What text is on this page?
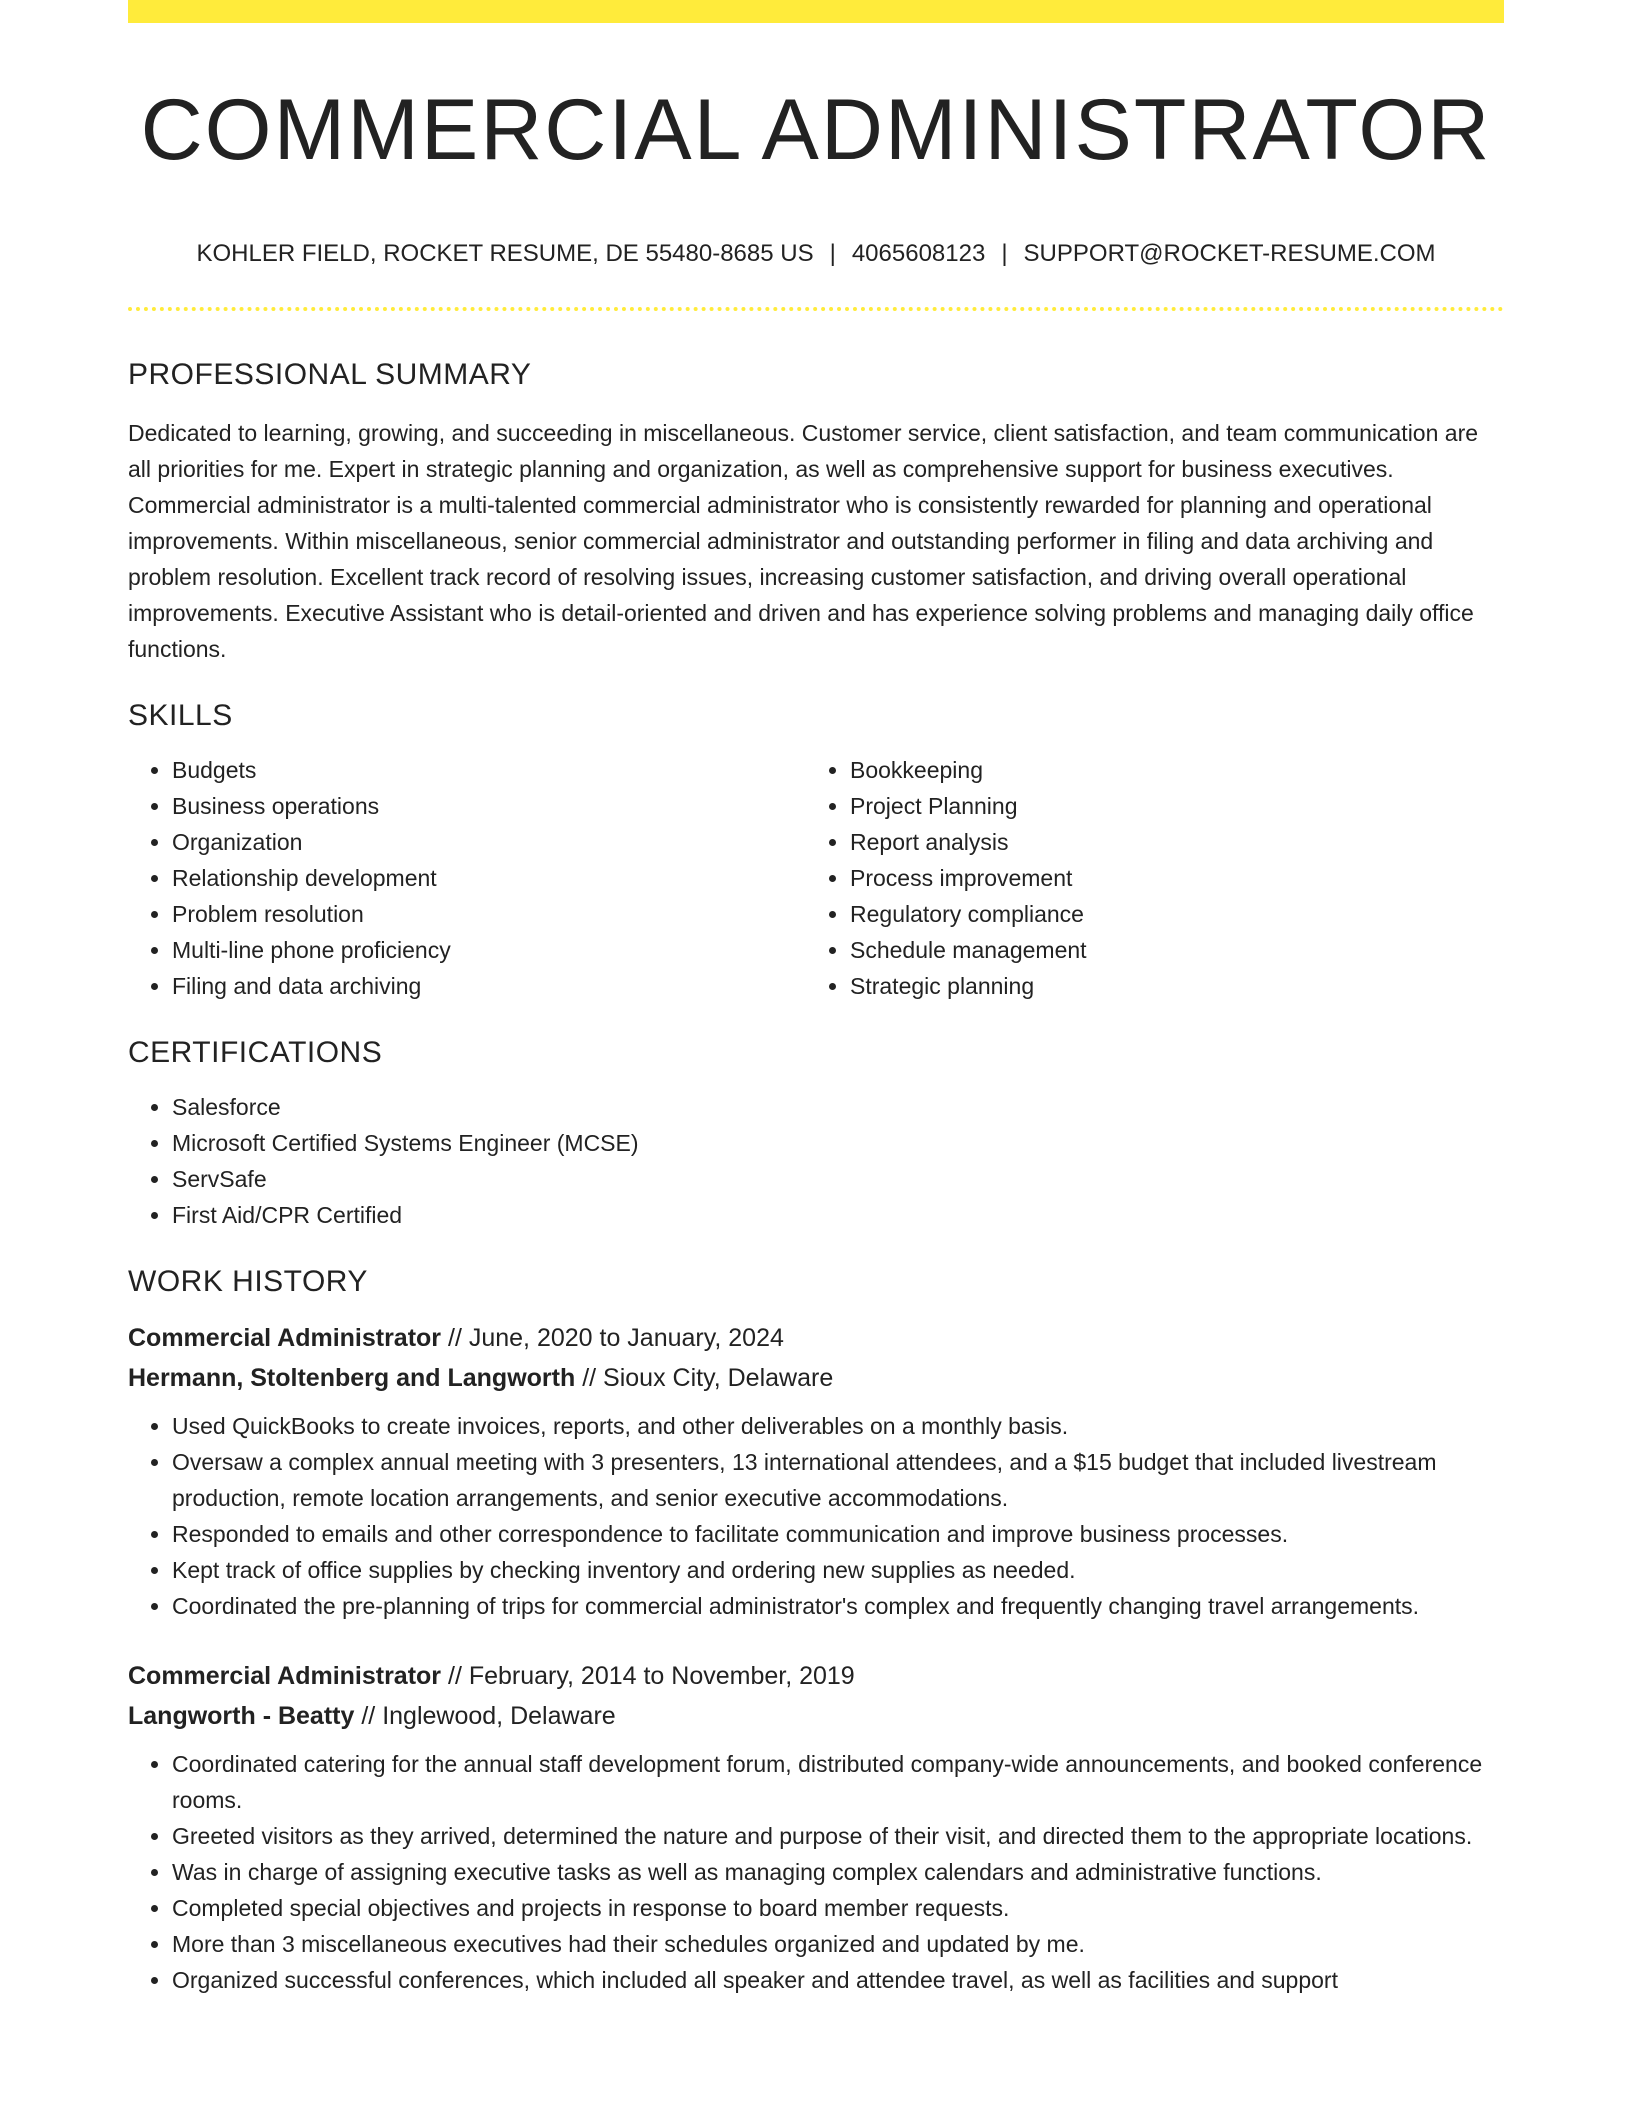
COMMERCIAL ADMINISTRATOR
KOHLER FIELD, ROCKET RESUME, DE 55480-8685 US | 4065608123 | SUPPORT@ROCKET-RESUME.COM
PROFESSIONAL SUMMARY

Dedicated to learning, growing, and succeeding in miscellaneous. Customer service, client satisfaction, and team communication are all priorities for me. Expert in strategic planning and organization, as well as comprehensive support for business executives. Commercial administrator is a multi-talented commercial administrator who is consistently rewarded for planning and operational improvements. Within miscellaneous, senior commercial administrator and outstanding performer in filing and data archiving and problem resolution. Excellent track record of resolving issues, increasing customer satisfaction, and driving overall operational improvements. Executive Assistant who is detail-oriented and driven and has experience solving problems and managing daily office functions.

SKILLS
• Budgets
• Business operations
• Organization
• Relationship development
• Problem resolution
• Multi-line phone proficiency
• Filing and data archiving
• Bookkeeping
• Project Planning
• Report analysis
• Process improvement
• Regulatory compliance
• Schedule management
• Strategic planning
CERTIFICATIONS
• Salesforce
• Microsoft Certified Systems Engineer (MCSE)
• ServSafe
• First Aid/CPR Certified
WORK HISTORY
Commercial Administrator // June, 2020 to January, 2024
Hermann, Stoltenberg and Langworth // Sioux City, Delaware
• Used QuickBooks to create invoices, reports, and other deliverables on a monthly basis.
• Oversaw a complex annual meeting with 3 presenters, 13 international attendees, and a $15 budget that included livestream production, remote location arrangements, and senior executive accommodations.
• Responded to emails and other correspondence to facilitate communication and improve business processes.
• Kept track of office supplies by checking inventory and ordering new supplies as needed.
• Coordinated the pre-planning of trips for commercial administrator's complex and frequently changing travel arrangements.
Commercial Administrator // February, 2014 to November, 2019
Langworth - Beatty // Inglewood, Delaware
• Coordinated catering for the annual staff development forum, distributed company-wide announcements, and booked conference rooms.
• Greeted visitors as they arrived, determined the nature and purpose of their visit, and directed them to the appropriate locations.
• Was in charge of assigning executive tasks as well as managing complex calendars and administrative functions.
• Completed special objectives and projects in response to board member requests.
• More than 3 miscellaneous executives had their schedules organized and updated by me.
• Organized successful conferences, which included all speaker and attendee travel, as well as facilities and support
